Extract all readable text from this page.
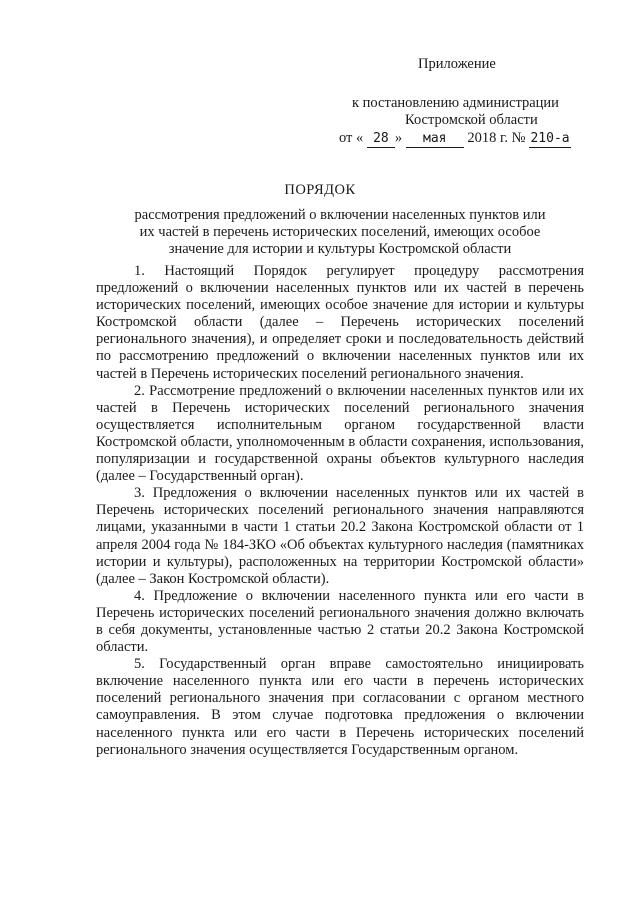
Приложение
к постановлению администрации
Костромской области
от « 28 » мая 2018 г. № 210-а
ПОРЯДОК
рассмотрения предложений о включении населенных пунктов или
их частей в перечень исторических поселений, имеющих особое
значение для истории и культуры Костромской области

1. Настоящий Порядок регулирует процедуру рассмотрения предложений о включении населенных пунктов или их частей в перечень исторических поселений, имеющих особое значение для истории и культуры Костромской области (далее – Перечень исторических поселений регионального значения), и определяет сроки и последовательность действий по рассмотрению предложений о включении населенных пунктов или их частей в Перечень исторических поселений регионального значения.

2. Рассмотрение предложений о включении населенных пунктов или их частей в Перечень исторических поселений регионального значения осуществляется исполнительным органом государственной власти Костромской области, уполномоченным в области сохранения, использования, популяризации и государственной охраны объектов культурного наследия (далее – Государственный орган).

3. Предложения о включении населенных пунктов или их частей в Перечень исторических поселений регионального значения направляются лицами, указанными в части 1 статьи 20.2 Закона Костромской области от 1 апреля 2004 года № 184-ЗКО «Об объектах культурного наследия (памятниках истории и культуры), расположенных на территории Костромской области» (далее – Закон Костромской области).

4. Предложение о включении населенного пункта или его части в Перечень исторических поселений регионального значения должно включать в себя документы, установленные частью 2 статьи 20.2 Закона Костромской области.

5. Государственный орган вправе самостоятельно инициировать включение населенного пункта или его части в перечень исторических поселений регионального значения при согласовании с органом местного самоуправления. В этом случае подготовка предложения о включении населенного пункта или его части в Перечень исторических поселений регионального значения осуществляется Государственным органом.
